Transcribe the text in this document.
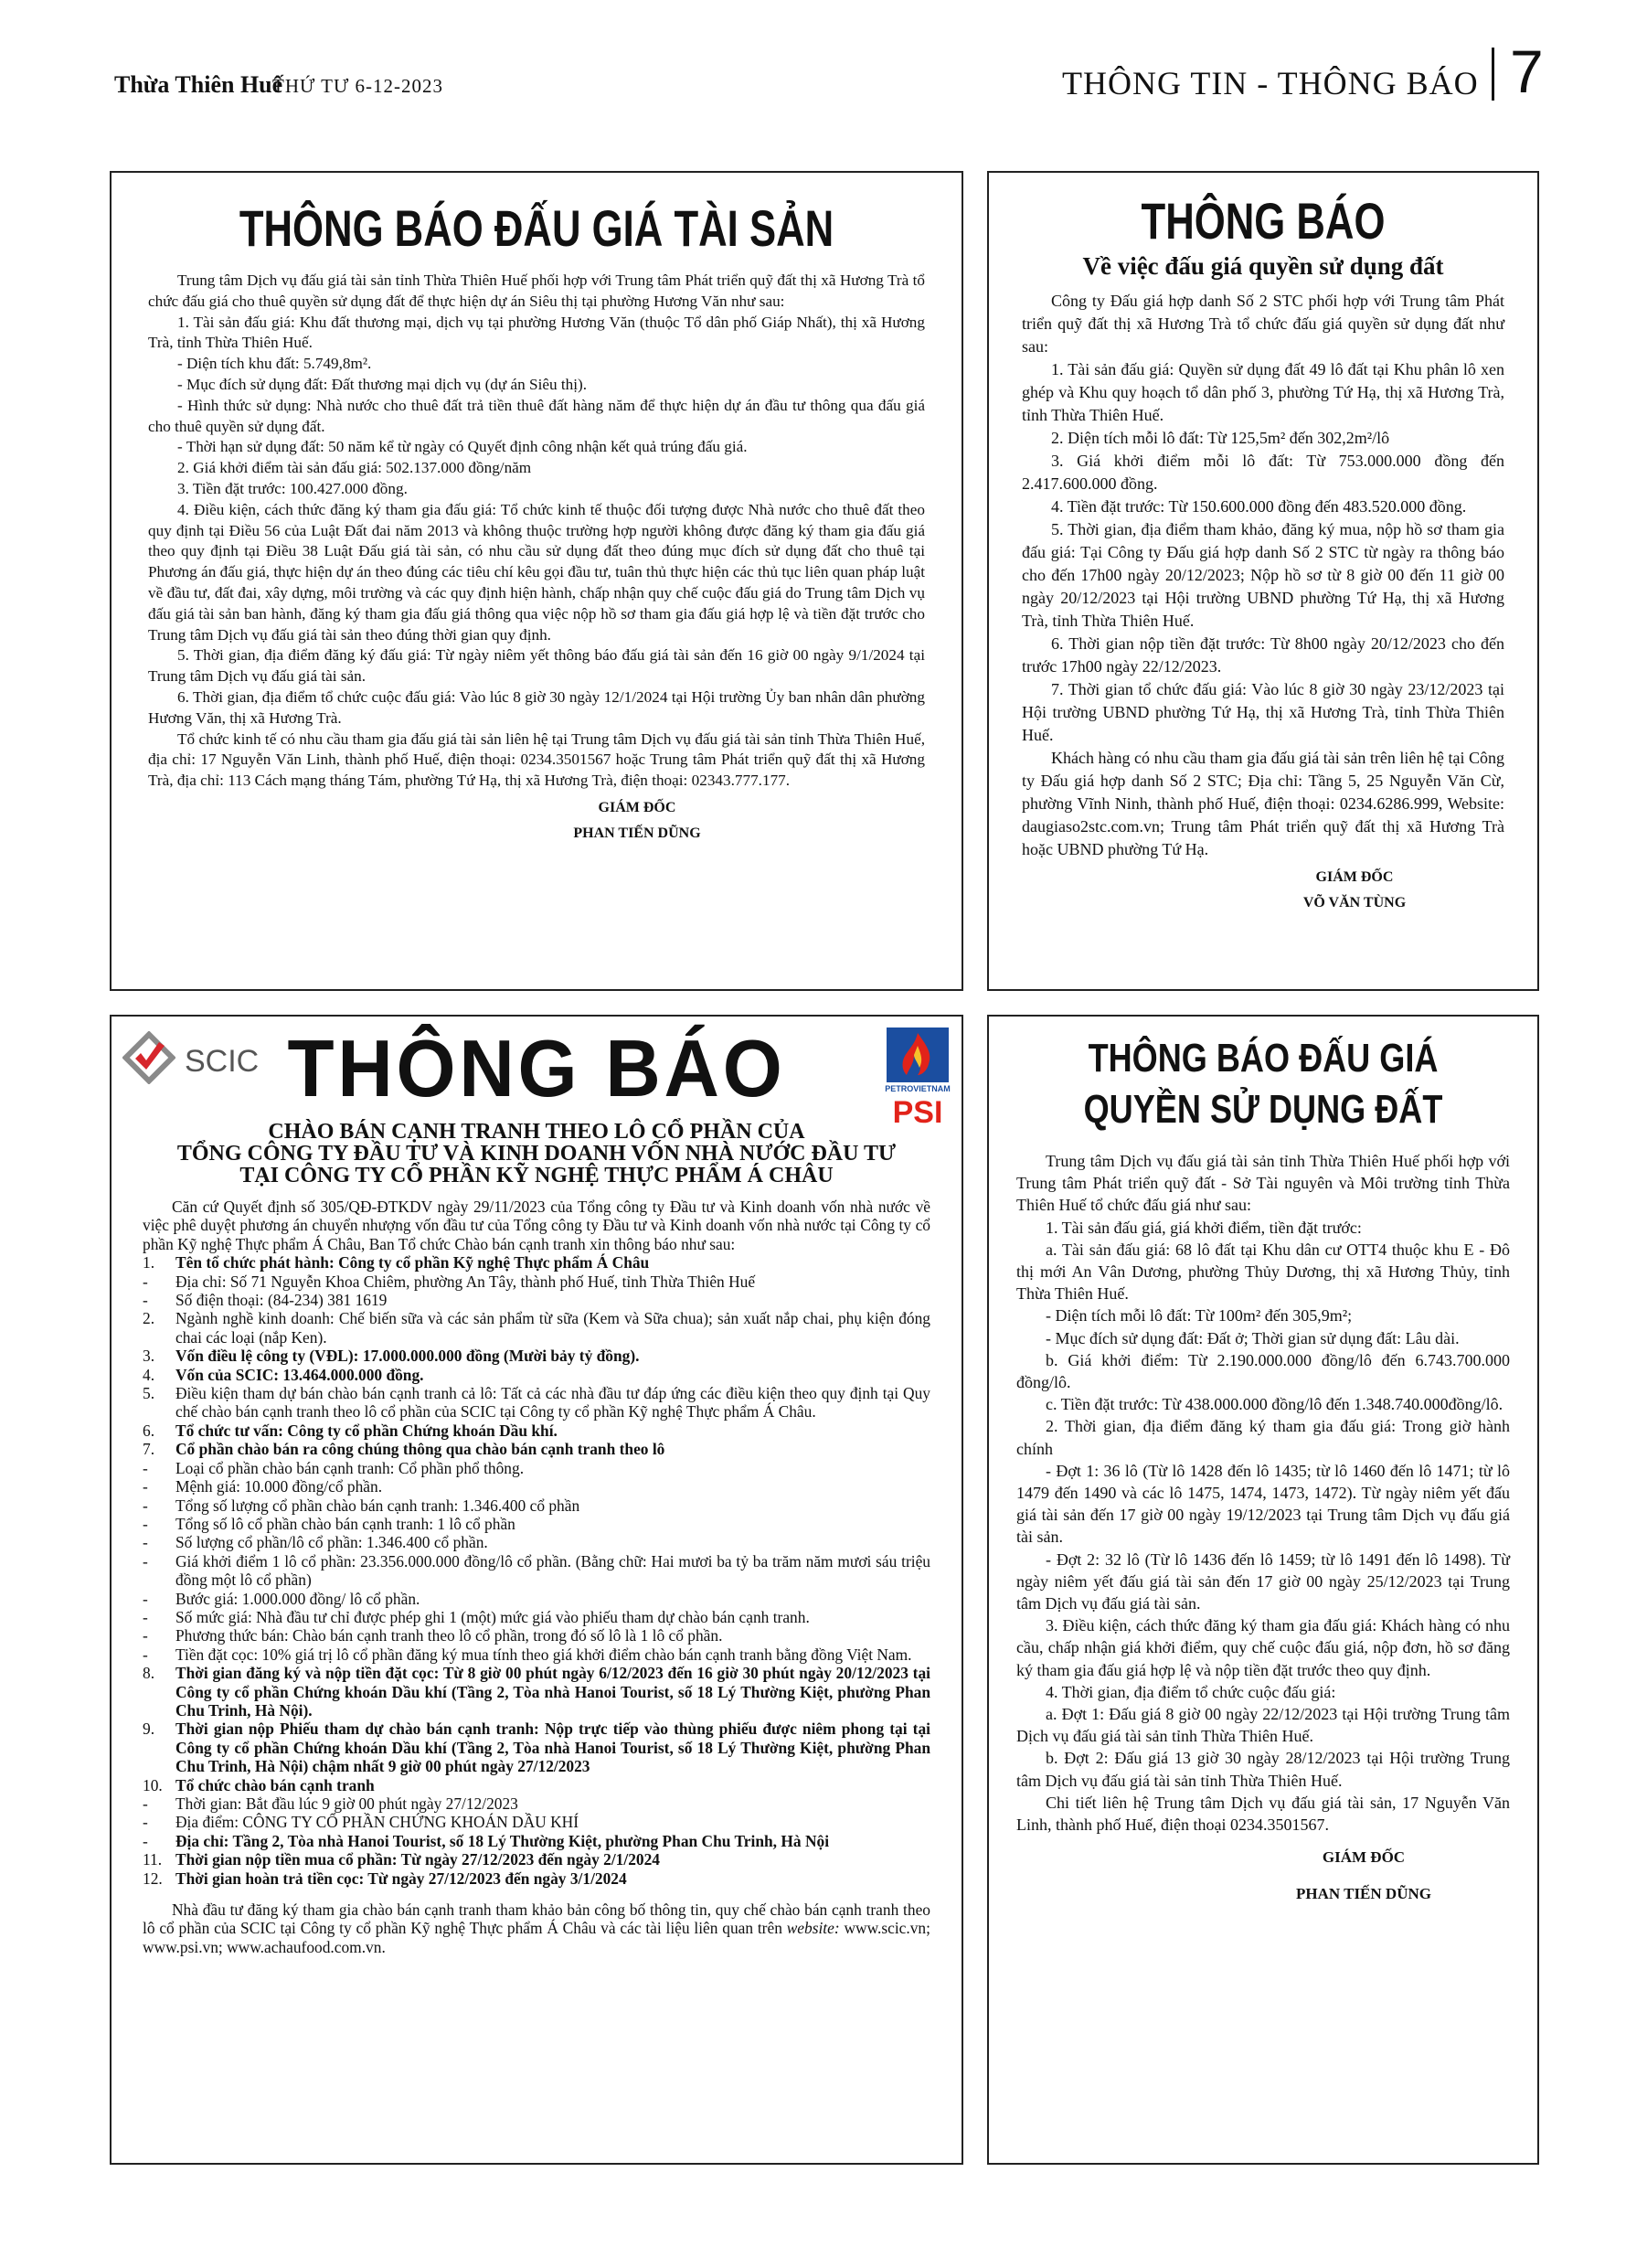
Thừa Thiên Huế
THỨ TƯ 6-12-2023	THÔNG TIN - THÔNG BÁO 7
THÔNG BÁO ĐẤU GIÁ TÀI SẢN

Trung tâm Dịch vụ đấu giá tài sản tỉnh Thừa Thiên Huế phối hợp với Trung tâm Phát triển quỹ đất thị xã Hương Trà tổ chức đấu giá cho thuê quyền sử dụng đất để thực hiện dự án Siêu thị tại phường Hương Văn như sau:

1. Tài sản đấu giá: Khu đất thương mại, dịch vụ tại phường Hương Văn (thuộc Tổ dân phố Giáp Nhất), thị xã Hương Trà, tỉnh Thừa Thiên Huế.

- Diện tích khu đất: 5.749,8m².

- Mục đích sử dụng đất: Đất thương mại dịch vụ (dự án Siêu thị).

- Hình thức sử dụng: Nhà nước cho thuê đất trả tiền thuê đất hàng năm để thực hiện dự án đầu tư thông qua đấu giá cho thuê quyền sử dụng đất.

- Thời hạn sử dụng đất: 50 năm kể từ ngày có Quyết định công nhận kết quả trúng đấu giá.

2. Giá khởi điểm tài sản đấu giá: 502.137.000 đồng/năm

3. Tiền đặt trước: 100.427.000 đồng.

4. Điều kiện, cách thức đăng ký tham gia đấu giá: Tổ chức kinh tế thuộc đối tượng được Nhà nước cho thuê đất theo quy định tại Điều 56 của Luật Đất đai năm 2013 và không thuộc trường hợp người không được đăng ký tham gia đấu giá theo quy định tại Điều 38 Luật Đấu giá tài sản, có nhu cầu sử dụng đất theo đúng mục đích sử dụng đất cho thuê tại Phương án đấu giá, thực hiện dự án theo đúng các tiêu chí kêu gọi đầu tư, tuân thủ thực hiện các thủ tục liên quan pháp luật về đầu tư, đất đai, xây dựng, môi trường và các quy định hiện hành, chấp nhận quy chế cuộc đấu giá do Trung tâm Dịch vụ đấu giá tài sản ban hành, đăng ký tham gia đấu giá thông qua việc nộp hồ sơ tham gia đấu giá hợp lệ và tiền đặt trước cho Trung tâm Dịch vụ đấu giá tài sản theo đúng thời gian quy định.

5. Thời gian, địa điểm đăng ký đấu giá: Từ ngày niêm yết thông báo đấu giá tài sản đến 16 giờ 00 ngày 9/1/2024 tại Trung tâm Dịch vụ đấu giá tài sản.

6. Thời gian, địa điểm tổ chức cuộc đấu giá: Vào lúc 8 giờ 30 ngày 12/1/2024 tại Hội trường Ủy ban nhân dân phường Hương Văn, thị xã Hương Trà.

Tổ chức kinh tế có nhu cầu tham gia đấu giá tài sản liên hệ tại Trung tâm Dịch vụ đấu giá tài sản tỉnh Thừa Thiên Huế, địa chỉ: 17 Nguyễn Văn Linh, thành phố Huế, điện thoại: 0234.3501567 hoặc Trung tâm Phát triển quỹ đất thị xã Hương Trà, địa chỉ: 113 Cách mạng tháng Tám, phường Tứ Hạ, thị xã Hương Trà, điện thoại: 02343.777.177.

GIÁM ĐỐC
PHAN TIẾN DŨNG
THÔNG BÁO
Về việc đấu giá quyền sử dụng đất

Công ty Đấu giá hợp danh Số 2 STC phối hợp với Trung tâm Phát triển quỹ đất thị xã Hương Trà tổ chức đấu giá quyền sử dụng đất như sau:

1. Tài sản đấu giá: Quyền sử dụng đất 49 lô đất tại Khu phân lô xen ghép và Khu quy hoạch tổ dân phố 3, phường Tứ Hạ, thị xã Hương Trà, tỉnh Thừa Thiên Huế.

2. Diện tích mỗi lô đất: Từ 125,5m² đến 302,2m²/lô

3. Giá khởi điểm mỗi lô đất: Từ 753.000.000 đồng đến 2.417.600.000 đồng.

4. Tiền đặt trước: Từ 150.600.000 đồng đến 483.520.000 đồng.

5. Thời gian, địa điểm tham khảo, đăng ký mua, nộp hồ sơ tham gia đấu giá: Tại Công ty Đấu giá hợp danh Số 2 STC từ ngày ra thông báo cho đến 17h00 ngày 20/12/2023; Nộp hồ sơ từ 8 giờ 00 đến 11 giờ 00 ngày 20/12/2023 tại Hội trường UBND phường Tứ Hạ, thị xã Hương Trà, tỉnh Thừa Thiên Huế.

6. Thời gian nộp tiền đặt trước: Từ 8h00 ngày 20/12/2023 cho đến trước 17h00 ngày 22/12/2023.

7. Thời gian tổ chức đấu giá: Vào lúc 8 giờ 30 ngày 23/12/2023 tại Hội trường UBND phường Tứ Hạ, thị xã Hương Trà, tỉnh Thừa Thiên Huế.

Khách hàng có nhu cầu tham gia đấu giá tài sản trên liên hệ tại Công ty Đấu giá hợp danh Số 2 STC; Địa chỉ: Tầng 5, 25 Nguyễn Văn Cừ, phường Vĩnh Ninh, thành phố Huế, điện thoại: 0234.6286.999, Website: daugiaso2stc.com.vn; Trung tâm Phát triển quỹ đất thị xã Hương Trà hoặc UBND phường Tứ Hạ.

GIÁM ĐỐC
VÕ VĂN TÙNG
SCIC
PETROVIETNAM
PSI
THÔNG BÁO
CHÀO BÁN CẠNH TRANH THEO LÔ CỔ PHẦN CỦA
TỔNG CÔNG TY ĐẦU TƯ VÀ KINH DOANH VỐN NHÀ NƯỚC ĐẦU TƯ
TẠI CÔNG TY CỔ PHẦN KỸ NGHỆ THỰC PHẨM Á CHÂU

Căn cứ Quyết định số 305/QĐ-ĐTKDV ngày 29/11/2023 của Tổng công ty Đầu tư và Kinh doanh vốn nhà nước về việc phê duyệt phương án chuyển nhượng vốn đầu tư của Tổng công ty Đầu tư và Kinh doanh vốn nhà nước tại Công ty cổ phần Kỹ nghệ Thực phẩm Á Châu, Ban Tổ chức Chào bán cạnh tranh xin thông báo như sau:

1. Tên tổ chức phát hành: Công ty cổ phần Kỹ nghệ Thực phẩm Á Châu
- Địa chỉ: Số 71 Nguyễn Khoa Chiêm, phường An Tây, thành phố Huế, tỉnh Thừa Thiên Huế
- Số điện thoại: (84-234) 381 1619
2. Ngành nghề kinh doanh: Chế biến sữa và các sản phẩm từ sữa (Kem và Sữa chua); sản xuất nắp chai, phụ kiện đóng chai các loại (nắp Ken).
3. Vốn điều lệ công ty (VĐL): 17.000.000.000 đồng (Mười bảy tỷ đồng).
4. Vốn của SCIC: 13.464.000.000 đồng.
5. Điều kiện tham dự bán chào bán cạnh tranh cả lô: Tất cả các nhà đầu tư đáp ứng các điều kiện theo quy định tại Quy chế chào bán cạnh tranh theo lô cổ phần của SCIC tại Công ty cổ phần Kỹ nghệ Thực phẩm Á Châu.
6. Tổ chức tư vấn: Công ty cổ phần Chứng khoán Dầu khí.
7. Cổ phần chào bán ra công chúng thông qua chào bán cạnh tranh theo lô
- Loại cổ phần chào bán cạnh tranh: Cổ phần phổ thông.
- Mệnh giá: 10.000 đồng/cổ phần.
- Tổng số lượng cổ phần chào bán cạnh tranh: 1.346.400 cổ phần
- Tổng số lô cổ phần chào bán cạnh tranh: 1 lô cổ phần
- Số lượng cổ phần/lô cổ phần: 1.346.400 cổ phần.
- Giá khởi điểm 1 lô cổ phần: 23.356.000.000 đồng/lô cổ phần. (Bằng chữ: Hai mươi ba tỷ ba trăm năm mươi sáu triệu đồng một lô cổ phần)
- Bước giá: 1.000.000 đồng/ lô cổ phần.
- Số mức giá: Nhà đầu tư chỉ được phép ghi 1 (một) mức giá vào phiếu tham dự chào bán cạnh tranh.
- Phương thức bán: Chào bán cạnh tranh theo lô cổ phần, trong đó số lô là 1 lô cổ phần.
- Tiền đặt cọc: 10% giá trị lô cổ phần đăng ký mua tính theo giá khởi điểm chào bán cạnh tranh bằng đồng Việt Nam.
8. Thời gian đăng ký và nộp tiền đặt cọc: Từ 8 giờ 00 phút ngày 6/12/2023 đến 16 giờ 30 phút ngày 20/12/2023 tại Công ty cổ phần Chứng khoán Dầu khí (Tầng 2, Tòa nhà Hanoi Tourist, số 18 Lý Thường Kiệt, phường Phan Chu Trinh, Hà Nội).
9. Thời gian nộp Phiếu tham dự chào bán cạnh tranh: Nộp trực tiếp vào thùng phiếu được niêm phong tại tại Công ty cổ phần Chứng khoán Dầu khí (Tầng 2, Tòa nhà Hanoi Tourist, số 18 Lý Thường Kiệt, phường Phan Chu Trinh, Hà Nội) chậm nhất 9 giờ 00 phút ngày 27/12/2023
10. Tổ chức chào bán cạnh tranh
- Thời gian: Bắt đầu lúc 9 giờ 00 phút ngày 27/12/2023
- Địa điểm: CÔNG TY CỔ PHẦN CHỨNG KHOÁN DẦU KHÍ
- Địa chỉ: Tầng 2, Tòa nhà Hanoi Tourist, số 18 Lý Thường Kiệt, phường Phan Chu Trinh, Hà Nội
11. Thời gian nộp tiền mua cổ phần: Từ ngày 27/12/2023 đến ngày 2/1/2024
12. Thời gian hoàn trả tiền cọc: Từ ngày 27/12/2023 đến ngày 3/1/2024

Nhà đầu tư đăng ký tham gia chào bán cạnh tranh tham khảo bản công bố thông tin, quy chế chào bán cạnh tranh theo lô cổ phần của SCIC tại Công ty cổ phần Kỹ nghệ Thực phẩm Á Châu và các tài liệu liên quan trên website: www.scic.vn; www.psi.vn; www.achaufood.com.vn.

THÔNG BÁO ĐẤU GIÁ QUYỀN SỬ DỤNG ĐẤT

Trung tâm Dịch vụ đấu giá tài sản tỉnh Thừa Thiên Huế phối hợp với Trung tâm Phát triển quỹ đất - Sở Tài nguyên và Môi trường tỉnh Thừa Thiên Huế tổ chức đấu giá như sau:

1. Tài sản đấu giá, giá khởi điểm, tiền đặt trước:

a. Tài sản đấu giá: 68 lô đất tại Khu dân cư OTT4 thuộc khu E - Đô thị mới An Vân Dương, phường Thủy Dương, thị xã Hương Thủy, tỉnh Thừa Thiên Huế.

- Diện tích mỗi lô đất: Từ 100m² đến 305,9m²;

- Mục đích sử dụng đất: Đất ở; Thời gian sử dụng đất: Lâu dài.

b. Giá khởi điểm: Từ 2.190.000.000 đồng/lô đến 6.743.700.000 đồng/lô.

c. Tiền đặt trước: Từ 438.000.000 đồng/lô đến 1.348.740.000đồng/lô.

2. Thời gian, địa điểm đăng ký tham gia đấu giá: Trong giờ hành chính

- Đợt 1: 36 lô (Từ lô 1428 đến lô 1435; từ lô 1460 đến lô 1471; từ lô 1479 đến 1490 và các lô 1475, 1474, 1473, 1472). Từ ngày niêm yết đấu giá tài sản đến 17 giờ 00 ngày 19/12/2023 tại Trung tâm Dịch vụ đấu giá tài sản.

- Đợt 2: 32 lô (Từ lô 1436 đến lô 1459; từ lô 1491 đến lô 1498). Từ ngày niêm yết đấu giá tài sản đến 17 giờ 00 ngày 25/12/2023 tại Trung tâm Dịch vụ đấu giá tài sản.

3. Điều kiện, cách thức đăng ký tham gia đấu giá: Khách hàng có nhu cầu, chấp nhận giá khởi điểm, quy chế cuộc đấu giá, nộp đơn, hồ sơ đăng ký tham gia đấu giá hợp lệ và nộp tiền đặt trước theo quy định.

4. Thời gian, địa điểm tổ chức cuộc đấu giá:

a. Đợt 1: Đấu giá 8 giờ 00 ngày 22/12/2023 tại Hội trường Trung tâm Dịch vụ đấu giá tài sản tỉnh Thừa Thiên Huế.

b. Đợt 2: Đấu giá 13 giờ 30 ngày 28/12/2023 tại Hội trường Trung tâm Dịch vụ đấu giá tài sản tỉnh Thừa Thiên Huế.

Chi tiết liên hệ Trung tâm Dịch vụ đấu giá tài sản, 17 Nguyễn Văn Linh, thành phố Huế, điện thoại 0234.3501567.

GIÁM ĐỐC
PHAN TIẾN DŨNG
